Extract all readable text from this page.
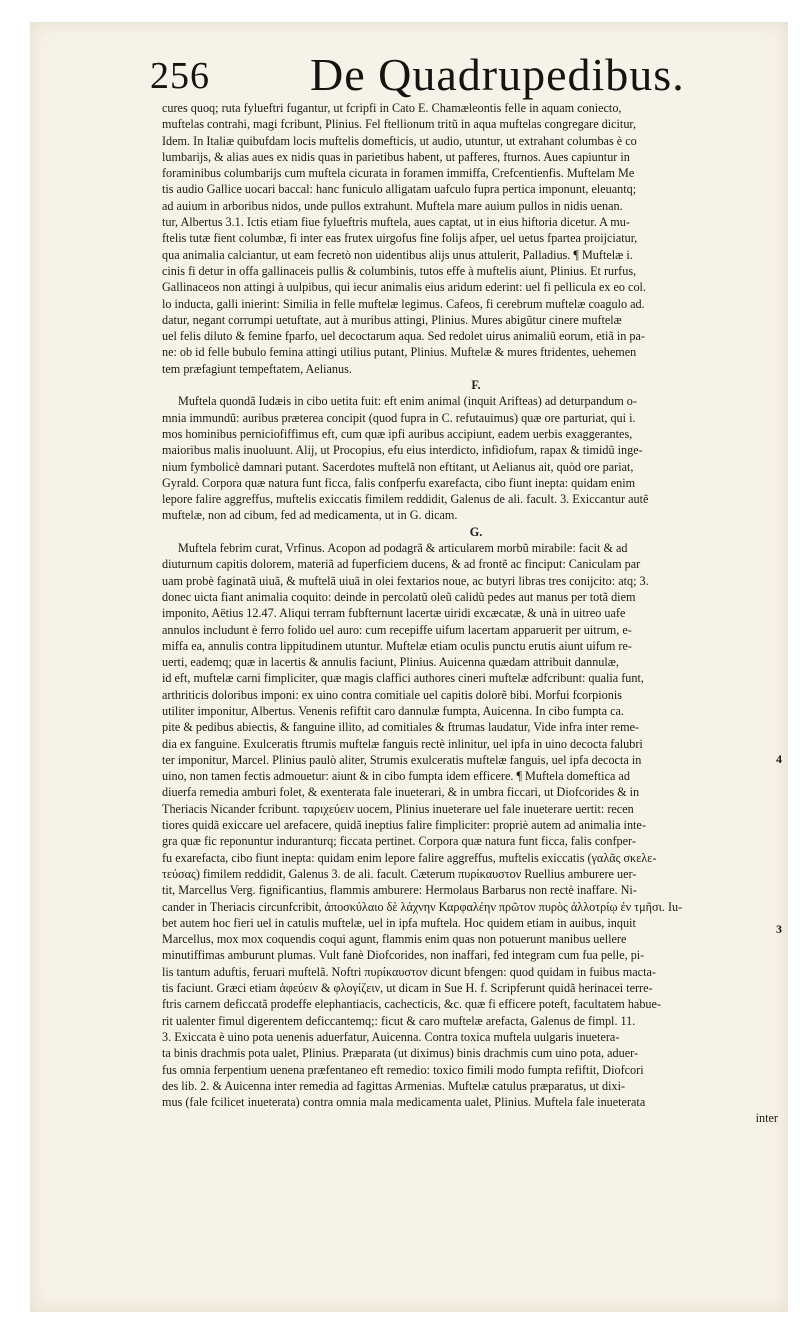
256 De Quadrupedibus.
cures quoq; ruta fylueftri fugantur, ut fcripfi in Cato E. Chamæleontis felle in aquam coniecto,
muftelas contrahi, magi fcribunt, Plinius. Fel ftellionum tritũ in aqua muftelas congregare dicitur,
Idem. In Italiæ quibufdam locis muftelis domefticis, ut audio, utuntur, ut extrahant columbas è co
lumbarijs, & alias aues ex nidis quas in parietibus habent, ut pafferes, fturnos. Aues capiuntur in
foraminibus columbarijs cum muftela cicurata in foramen immiffa, Crefcentienfis. Muftelam Me
tis audio Gallice uocari baccal: hanc funiculo alligatam uafculo fupra pertica imponunt, eleuantq;
ad auium in arboribus nidos, unde pullos extrahunt. Muftela mare auium pullos in nidis uenan.
tur, Albertus 3.1. Ictis etiam fiue fylueftris muftela, aues captat, ut in eius hiftoria dicetur. A mu-
ftelis tutæ fient columbæ, fi inter eas frutex uirgofus fine folijs afper, uel uetus fpartea proijciatur,
qua animalia calciantur, ut eam fecretò non uidentibus alijs unus attulerit, Palladius. ¶ Muftelæ i.
cinis fi detur in offa gallinaceis pullis & columbinis, tutos effe à muftelis aiunt, Plinius. Et rurfus,
Gallinaceos non attingi à uulpibus, qui iecur animalis eius aridum ederint: uel fi pellicula ex eo col.
lo inducta, galli inierint: Similia in felle muftelæ legimus. Cafeos, fi cerebrum muftelæ coagulo ad.
datur, negant corrumpi uetuftate, aut à muribus attingi, Plinius. Mures abigũtur cinere muftelæ
uel felis diluto & femine fparfo, uel decoctarum aqua. Sed redolet uirus animaliũ eorum, etiã in pa-
ne: ob id felle bubulo femina attingi utilius putant, Plinius. Muftelæ & mures ftridentes, uehemen
tem præfagiunt tempeftatem, Aelianus.
F.
Muftela quondã Iudæis in cibo uetita fuit: eft enim animal (inquit Arifteas) ad deturpandum o-
mnia immundũ: auribus præterea concipit (quod fupra in C. refutauimus) quæ ore parturiat, qui i.
mos hominibus perniciofiffimus eft, cum quæ ipfi auribus accipiunt, eadem uerbis exaggerantes,
maioribus malis inuoluunt. Alij, ut Procopius, efu eius interdicto, infidiofum, rapax & timidũ inge-
nium fymbolicè damnari putant. Sacerdotes muftelã non eftitant, ut Aelianus ait, quòd ore pariat,
Gyrald. Corpora quæ natura funt ficca, falis confperfu exarefacta, cibo fiunt inepta: quidam enim
lepore falire aggreffus, muftelis exiccatis fimilem reddidit, Galenus de ali. facult. 3. Exiccantur autẽ
muftelæ, non ad cibum, fed ad medicamenta, ut in G. dicam.
G.
Muftela febrim curat, Vrfinus. Acopon ad podagrã & articularem morbũ mirabile: facit & ad
diuturnum capitis dolorem, materiã ad fuperficiem ducens, & ad frontẽ ac finciput: Caniculam par
uam probè faginatã uiuã, & muftelã uiuã in olei fextarios noue, ac butyri libras tres conijcito: atq; 3.
donec uicta fiant animalia coquito: deinde in percolatũ oleũ calidũ pedes aut manus per totã diem
imponito, Aëtius 12.47. Aliqui terram fubfternunt lacertæ uiridi excæcatæ, & unà in uitreo uafe
annulos includunt è ferro folido uel auro: cum recepiffe uifum lacertam apparuerit per uitrum, e-
miffa ea, annulis contra lippitudinem utuntur. Muftelæ etiam oculis punctu erutis aiunt uifum re-
uerti, eademq; quæ in lacertis & annulis faciunt, Plinius. Auicenna quædam attribuit dannulæ,
id eft, muftelæ carni fimpliciter, quæ magis claffici authores cineri muftelæ adfcribunt: qualia funt,
arthriticis doloribus imponi: ex uino contra comitiale uel capitis dolorẽ bibi. Morfui fcorpionis
utiliter imponitur, Albertus. Venenis refiftit caro dannulæ fumpta, Auicenna. In cibo fumpta ca.
pite & pedibus abiectis, & fanguine illito, ad comitiales & ftrumas laudatur, Vide infra inter reme-
dia ex fanguine. Exulceratis ftrumis muftelæ fanguis rectè inlinitur, uel ipfa in uino decocta falubri
ter imponitur, Marcel. Plinius paulò aliter, Strumis exulceratis muftelæ fanguis, uel ipfa decocta in
uino, non tamen fectis admouetur: aiunt & in cibo fumpta idem efficere. ¶ Muftela domeftica ad
diuerfa remedia amburi folet, & exenterata fale inueterari, & in umbra ficcari, ut Diofcorides & in
Theriacis Nicander fcribunt. ταριχεύειν uocem, Plinius inueterare uel fale inueterare uertit: recen
tiores quidã exiccare uel arefacere, quidã ineptius falire fimpliciter: propriè autem ad animalia inte-
gra quæ fic reponuntur induranturq; ficcata pertinet. Corpora quæ natura funt ficca, falis confper-
fu exarefacta, cibo fiunt inepta: quidam enim lepore falire aggreffus, muftelis exiccatis (γαλᾶς σκελε-
τεύσας) fimilem reddidit, Galenus 3. de ali. facult. Cæterum πυρίκαυστον Ruellius amburere uer-
tit, Marcellus Verg. fignificantius, flammis amburere: Hermolaus Barbarus non rectè inaffare. Ni-
cander in Theriacis circunfcribit, ἀποσκύλαιο δὲ λάχνην Καρφαλέην πρῶτον πυρὸς ἀλλοτρίῳ ἐν τμῆσι. Iu-
bet autem hoc fieri uel in catulis muftelæ, uel in ipfa muftela. Hoc quidem etiam in auibus, inquit
Marcellus, mox mox coquendis coqui agunt, flammis enim quas non potuerunt manibus uellere
minutiffimas amburunt plumas. Vult fanè Diofcorides, non inaffari, fed integram cum fua pelle, pi-
lis tantum aduftis, feruari muftelã. Noftri πυρίκαυστον dicunt bfengen: quod quidam in fuibus macta-
tis faciunt. Græci etiam ἀφεύειν & φλογίζειν, ut dicam in Sue H. f. Scripferunt quidã herinacei terre-
ftris carnem deficcatã prodeffe elephantiacis, cachecticis, &c. quæ fi efficere poteft, facultatem habue-
rit ualenter fimul digerentem deficcantemq;: ficut & caro muftelæ arefacta, Galenus de fimpl. 11.
3. Exiccata è uino pota uenenis aduerfatur, Auicenna. Contra toxica muftela uulgaris inuetera-
ta binis drachmis pota ualet, Plinius. Præparata (ut diximus) binis drachmis cum uino pota, aduer-
fus omnia ferpentium uenena præfentaneo eft remedio: toxico fimili modo fumpta refiftit, Diofcori
des lib. 2. & Auicenna inter remedia ad fagittas Armenias. Muftelæ catulus præparatus, ut dixi-
mus (fale fcilicet inueterata) contra omnia mala medicamenta ualet, Plinius. Muftela fale inueterata
inter
4
3
